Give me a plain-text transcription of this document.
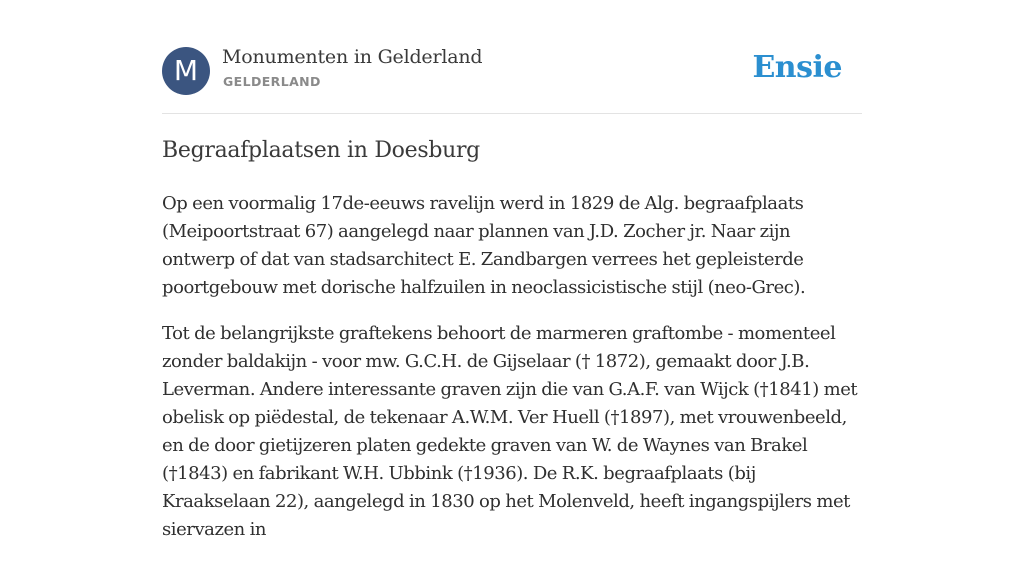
M	Monumenten in Gelderland
GELDERLAND	Ensie
Begraafplaatsen in Doesburg

Op een voormalig 17de-eeuws ravelijn werd in 1829 de Alg. begraafplaats (Meipoortstraat 67) aangelegd naar plannen van J.D. Zocher jr. Naar zijn ontwerp of dat van stadsarchitect E. Zandbargen verrees het gepleisterde poortgebouw met dorische halfzuilen in neoclassicistische stijl (neo-Grec).

Tot de belangrijkste graftekens behoort de marmeren graftombe - momenteel zonder baldakijn - voor mw. G.C.H. de Gijselaar († 1872), gemaakt door J.B. Leverman. Andere interessante graven zijn die van G.A.F. van Wijck (†1841) met obelisk op piëdestal, de tekenaar A.W.M. Ver Huell (†1897), met vrouwenbeeld, en de door gietijzeren platen gedekte graven van W. de Waynes van Brakel (†1843) en fabrikant W.H. Ubbink (†1936). De R.K. begraafplaats (bij Kraakselaan 22), aangelegd in 1830 op het Molenveld, heeft ingangspijlers met siervazen in
